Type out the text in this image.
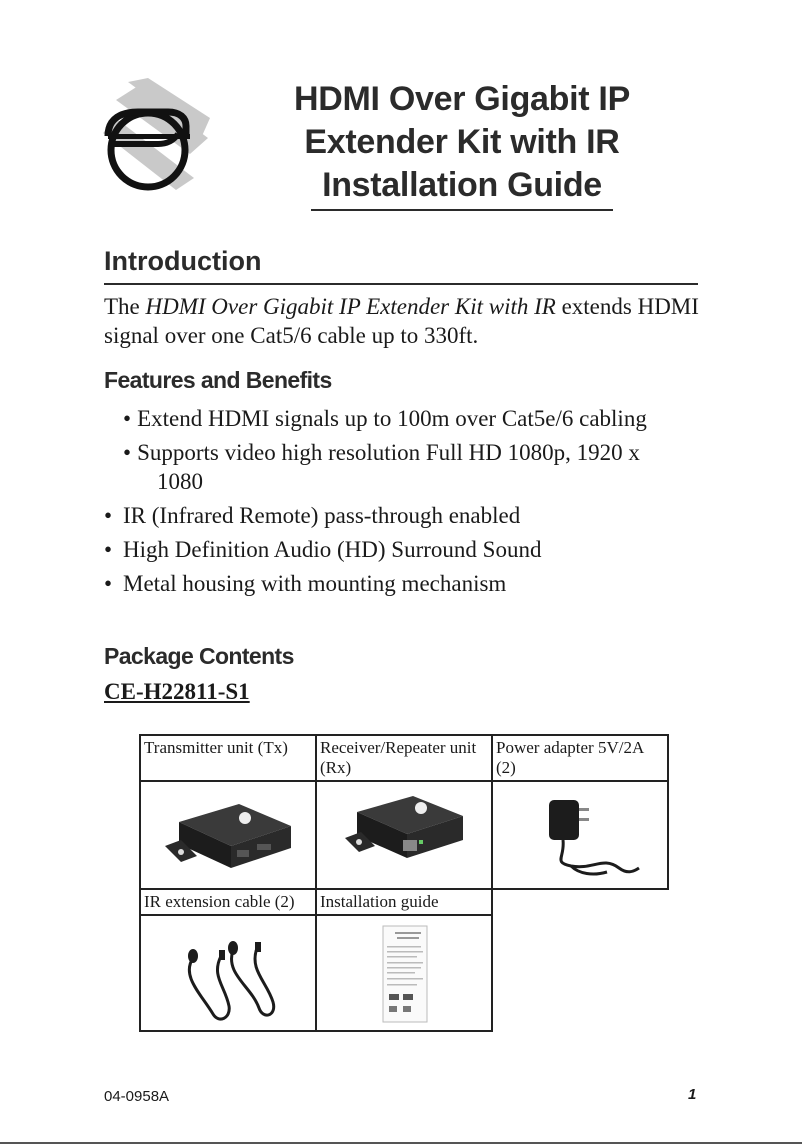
HDMI Over Gigabit IP
Extender Kit with IR
Installation Guide
Introduction
The HDMI Over Gigabit IP Extender Kit with IR extends HDMI signal over one Cat5/6 cable up to 330ft.
Features and Benefits
• Extend HDMI signals up to 100m over Cat5e/6 cabling
• Supports video high resolution Full HD 1080p, 1920 x 1080
• IR (Infrared Remote) pass-through enabled
• High Definition Audio (HD) Surround Sound
• Metal housing with mounting mechanism
Package Contents
CE-H22811-S1
Transmitter unit (Tx)	Receiver/Repeater unit (Rx)	Power adapter 5V/2A (2)

IR extension cable (2)	Installation guide	

04-0958A	1
